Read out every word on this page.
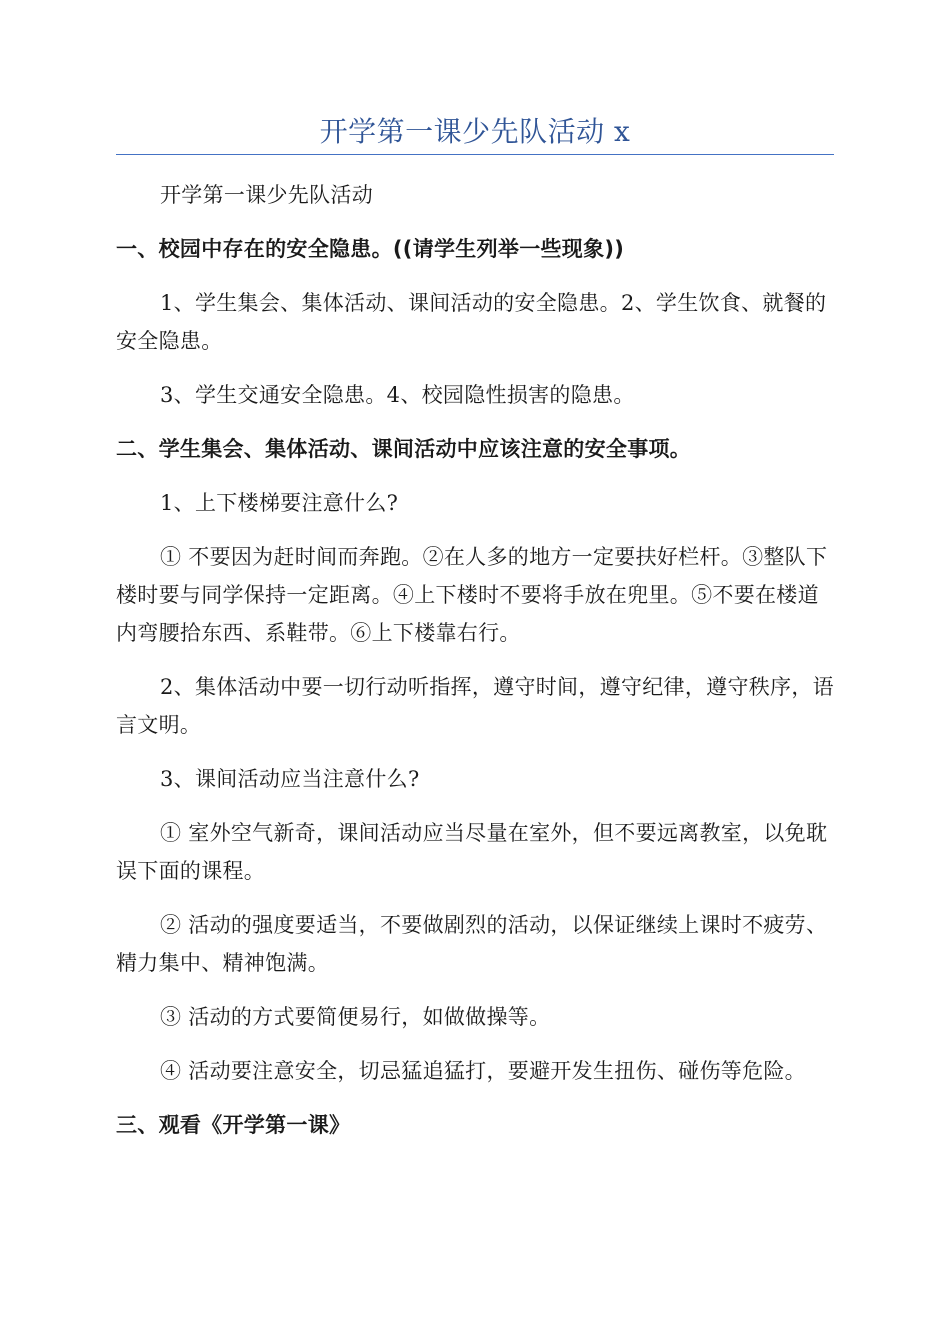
开学第一课少先队活动 x

开学第一课少先队活动

一、校园中存在的安全隐患。((请学生列举一些现象))

1、学生集会、集体活动、课间活动的安全隐患。2、学生饮食、就餐的安全隐患。

3、学生交通安全隐患。4、校园隐性损害的隐患。

二、学生集会、集体活动、课间活动中应该注意的安全事项。

1、上下楼梯要注意什么?

① 不要因为赶时间而奔跑。②在人多的地方一定要扶好栏杆。③整队下楼时要与同学保持一定距离。④上下楼时不要将手放在兜里。⑤不要在楼道内弯腰拾东西、系鞋带。⑥上下楼靠右行。

2、集体活动中要一切行动听指挥，遵守时间，遵守纪律，遵守秩序，语言文明。

3、课间活动应当注意什么?

① 室外空气新奇，课间活动应当尽量在室外，但不要远离教室，以免耽误下面的课程。

② 活动的强度要适当，不要做剧烈的活动，以保证继续上课时不疲劳、精力集中、精神饱满。

③ 活动的方式要简便易行，如做做操等。

④ 活动要注意安全，切忌猛追猛打，要避开发生扭伤、碰伤等危险。

三、观看《开学第一课》
